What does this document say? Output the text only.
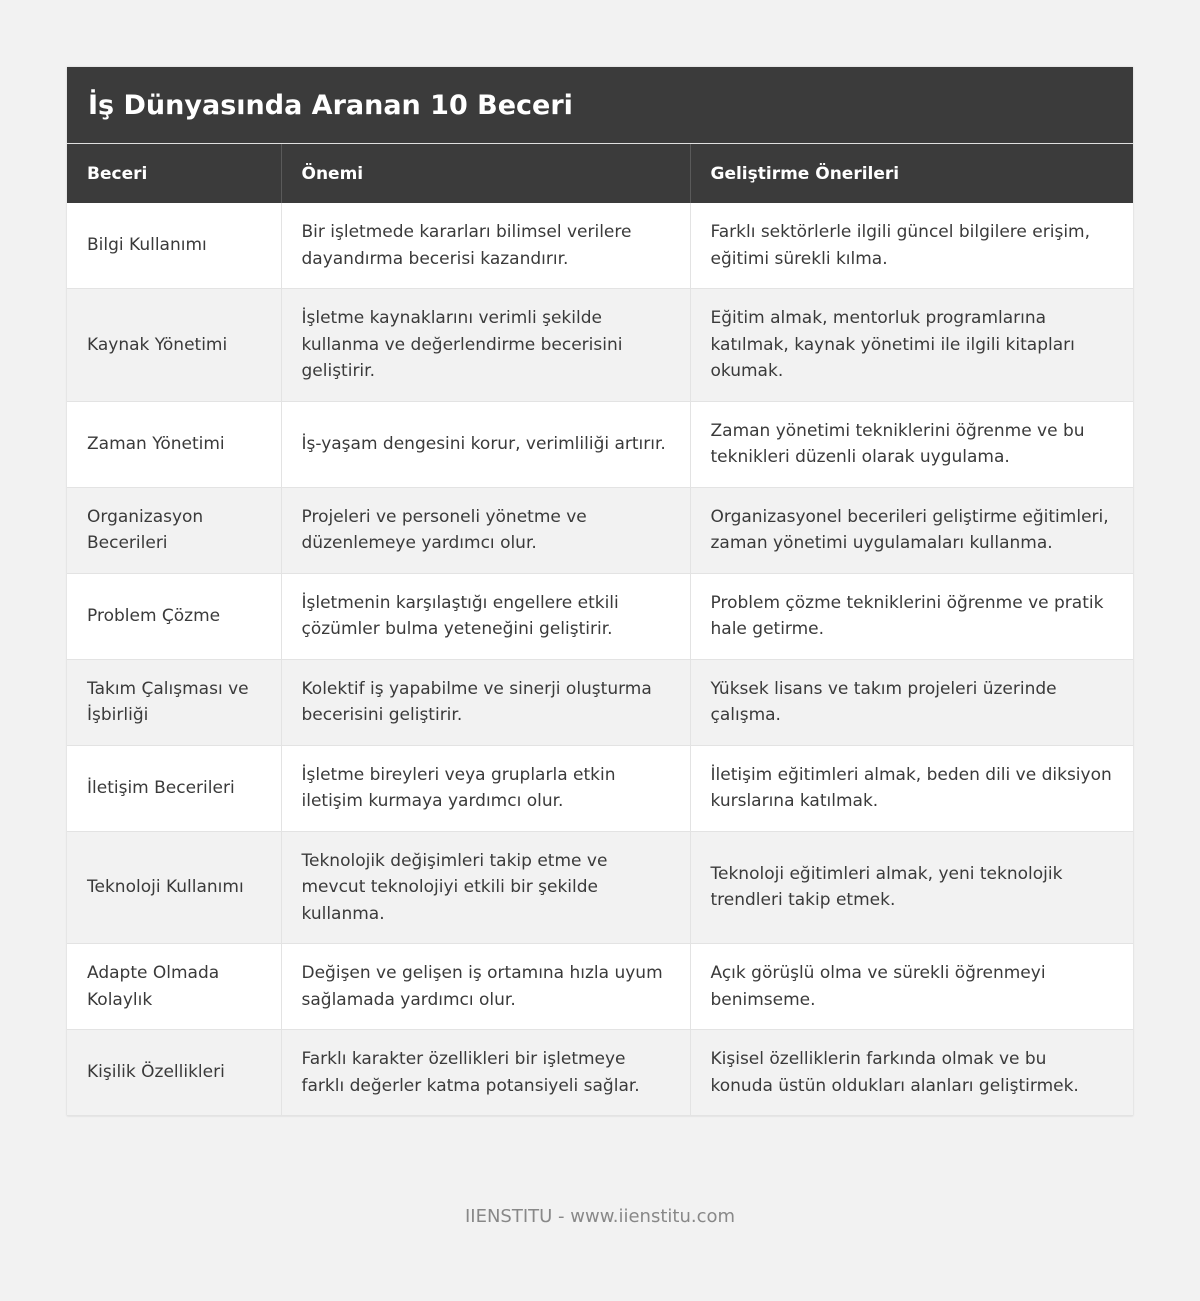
İş Dünyasında Aranan 10 Beceri
Beceri	Önemi	Geliştirme Önerileri
Bilgi Kullanımı	Bir işletmede kararları bilimsel verilere dayandırma becerisi kazandırır.	Farklı sektörlerle ilgili güncel bilgilere erişim, eğitimi sürekli kılma.
Kaynak Yönetimi	İşletme kaynaklarını verimli şekilde kullanma ve değerlendirme becerisini geliştirir.	Eğitim almak, mentorluk programlarına katılmak, kaynak yönetimi ile ilgili kitapları okumak.
Zaman Yönetimi	İş-yaşam dengesini korur, verimliliği artırır.	Zaman yönetimi tekniklerini öğrenme ve bu teknikleri düzenli olarak uygulama.
Organizasyon Becerileri	Projeleri ve personeli yönetme ve düzenlemeye yardımcı olur.	Organizasyonel becerileri geliştirme eğitimleri, zaman yönetimi uygulamaları kullanma.
Problem Çözme	İşletmenin karşılaştığı engellere etkili çözümler bulma yeteneğini geliştirir.	Problem çözme tekniklerini öğrenme ve pratik hale getirme.
Takım Çalışması ve İşbirliği	Kolektif iş yapabilme ve sinerji oluşturma becerisini geliştirir.	Yüksek lisans ve takım projeleri üzerinde çalışma.
İletişim Becerileri	İşletme bireyleri veya gruplarla etkin iletişim kurmaya yardımcı olur.	İletişim eğitimleri almak, beden dili ve diksiyon kurslarına katılmak.
Teknoloji Kullanımı	Teknolojik değişimleri takip etme ve mevcut teknolojiyi etkili bir şekilde kullanma.	Teknoloji eğitimleri almak, yeni teknolojik trendleri takip etmek.
Adapte Olmada Kolaylık	Değişen ve gelişen iş ortamına hızla uyum sağlamada yardımcı olur.	Açık görüşlü olma ve sürekli öğrenmeyi benimseme.
Kişilik Özellikleri	Farklı karakter özellikleri bir işletmeye farklı değerler katma potansiyeli sağlar.	Kişisel özelliklerin farkında olmak ve bu konuda üstün oldukları alanları geliştirmek.
IIENSTITU - www.iienstitu.com
